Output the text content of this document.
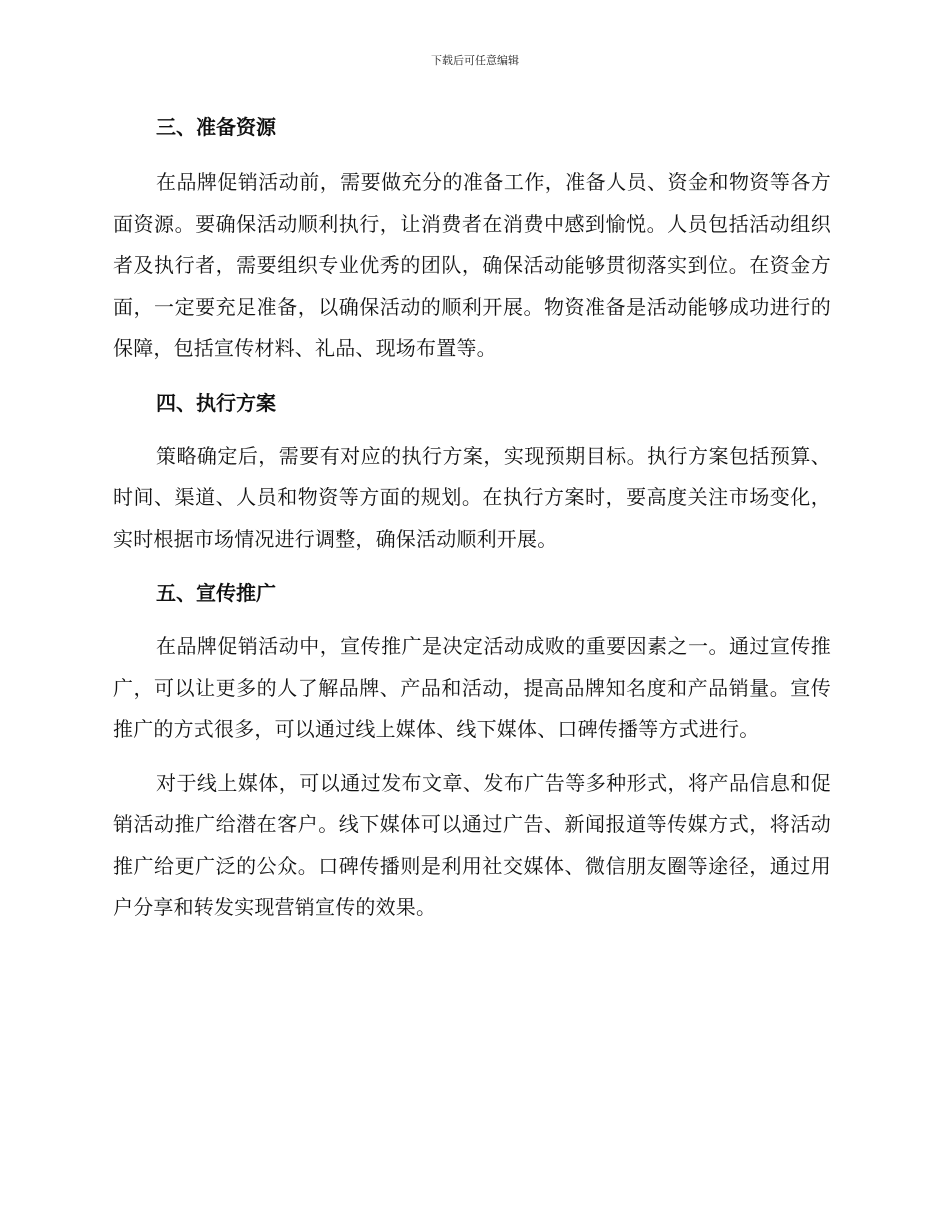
下载后可任意编辑
三、准备资源

在品牌促销活动前，需要做充分的准备工作，准备人员、资金和物资等各方面资源。要确保活动顺利执行，让消费者在消费中感到愉悦。人员包括活动组织者及执行者，需要组织专业优秀的团队，确保活动能够贯彻落实到位。在资金方面，一定要充足准备，以确保活动的顺利开展。物资准备是活动能够成功进行的保障，包括宣传材料、礼品、现场布置等。

四、执行方案

策略确定后，需要有对应的执行方案，实现预期目标。执行方案包括预算、时间、渠道、人员和物资等方面的规划。在执行方案时，要高度关注市场变化，实时根据市场情况进行调整，确保活动顺利开展。

五、宣传推广

在品牌促销活动中，宣传推广是决定活动成败的重要因素之一。通过宣传推广，可以让更多的人了解品牌、产品和活动，提高品牌知名度和产品销量。宣传推广的方式很多，可以通过线上媒体、线下媒体、口碑传播等方式进行。

对于线上媒体，可以通过发布文章、发布广告等多种形式，将产品信息和促销活动推广给潜在客户。线下媒体可以通过广告、新闻报道等传媒方式，将活动推广给更广泛的公众。口碑传播则是利用社交媒体、微信朋友圈等途径，通过用户分享和转发实现营销宣传的效果。
